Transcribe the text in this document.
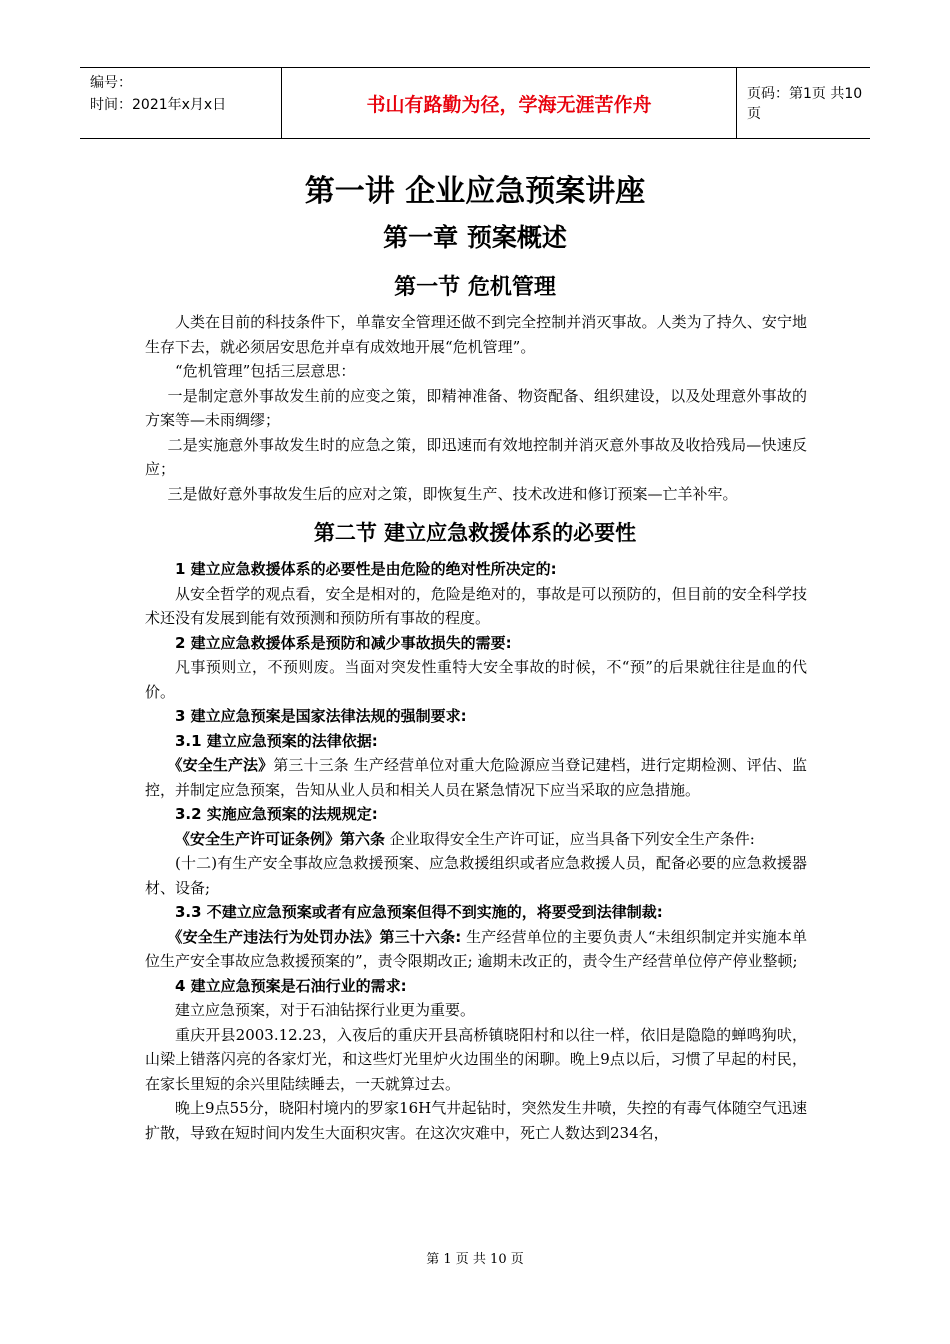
编号：
时间：2021年x月x日	书山有路勤为径，学海无涯苦作舟	页码：第1页 共10页
第一讲 企业应急预案讲座
第一章 预案概述
第一节 危机管理

人类在目前的科技条件下，单靠安全管理还做不到完全控制并消灭事故。人类为了持久、安宁地生存下去，就必须居安思危并卓有成效地开展“危机管理”。

“危机管理”包括三层意思：

一是制定意外事故发生前的应变之策，即精神准备、物资配备、组织建设，以及处理意外事故的方案等—未雨绸缪；

二是实施意外事故发生时的应急之策，即迅速而有效地控制并消灭意外事故及收拾残局—快速反应；

三是做好意外事故发生后的应对之策，即恢复生产、技术改进和修订预案—亡羊补牢。

第二节 建立应急救援体系的必要性

1 建立应急救援体系的必要性是由危险的绝对性所决定的:

从安全哲学的观点看，安全是相对的，危险是绝对的，事故是可以预防的，但目前的安全科学技术还没有发展到能有效预测和预防所有事故的程度。

2 建立应急救援体系是预防和减少事故损失的需要:

凡事预则立，不预则废。当面对突发性重特大安全事故的时候，不“预”的后果就往往是血的代价。

3 建立应急预案是国家法律法规的强制要求:

3.1 建立应急预案的法律依据:

《安全生产法》第三十三条 生产经营单位对重大危险源应当登记建档，进行定期检测、评估、监控，并制定应急预案，告知从业人员和相关人员在紧急情况下应当采取的应急措施。

3.2 实施应急预案的法规规定:

《安全生产许可证条例》第六条 企业取得安全生产许可证，应当具备下列安全生产条件:

(十二)有生产安全事故应急救援预案、应急救援组织或者应急救援人员，配备必要的应急救援器材、设备;

3.3 不建立应急预案或者有应急预案但得不到实施的，将要受到法律制裁:

《安全生产违法行为处罚办法》第三十六条: 生产经营单位的主要负责人“未组织制定并实施本单位生产安全事故应急救援预案的”，责令限期改正; 逾期未改正的，责令生产经营单位停产停业整顿;

4 建立应急预案是石油行业的需求:

建立应急预案，对于石油钻探行业更为重要。

重庆开县2003.12.23，入夜后的重庆开县高桥镇晓阳村和以往一样，依旧是隐隐的蝉鸣狗吠，山梁上错落闪亮的各家灯光，和这些灯光里炉火边围坐的闲聊。晚上9点以后，习惯了早起的村民，在家长里短的余兴里陆续睡去，一天就算过去。

晚上9点55分，晓阳村境内的罗家16H气井起钻时，突然发生井喷，失控的有毒气体随空气迅速扩散，导致在短时间内发生大面积灾害。在这次灾难中，死亡人数达到234名，

第 1 页 共 10 页
